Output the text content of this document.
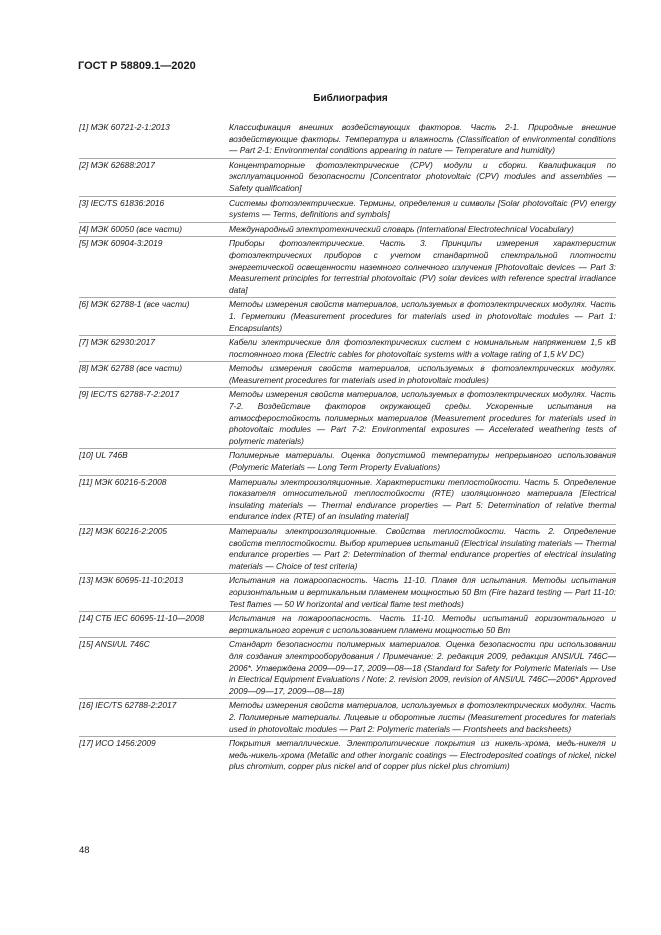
ГОСТ Р 58809.1—2020
Библиография
[1] МЭК 60721-2-1:2013	Классификация внешних воздействующих факторов. Часть 2-1. Природные внешние воздействующие факторы. Температура и влажность (Classification of environmental conditions — Part 2-1: Environmental conditions appearing in nature — Temperature and humidity)
[2] МЭК 62688:2017	Концентраторные фотоэлектрические (CPV) модули и сборки. Квалификация по эксплуатационной безопасности [Concentrator photovoltaic (CPV) modules and assemblies — Safety qualification]
[3] IEC/TS 61836:2016	Системы фотоэлектрические. Термины, определения и символы [Solar photovoltaic (PV) energy systems — Terms, definitions and symbols]
[4] МЭК 60050 (все части)	Международный электротехнический словарь (International Electrotechnical Vocabulary)
[5] МЭК 60904-3:2019	Приборы фотоэлектрические. Часть 3. Принципы измерения характеристик фотоэлектрических приборов с учетом стандартной спектральной плотности энергетической освещенности наземного солнечного излучения [Photovoltaic devices — Part 3: Measurement principles for terrestrial photovoltaic (PV) solar devices with reference spectral irradiance data]
[6] МЭК 62788-1 (все части)	Методы измерения свойств материалов, используемых в фотоэлектрических модулях. Часть 1. Герметики (Measurement procedures for materials used in photovoltaic modules — Part 1: Encapsulants)
[7] МЭК 62930:2017	Кабели электрические для фотоэлектрических систем с номинальным напряжением 1,5 кВ постоянного тока (Electric cables for photovoltaic systems with a voltage rating of 1,5 kV DC)
[8] МЭК 62788 (все части)	Методы измерения свойств материалов, используемых в фотоэлектрических модулях. (Measurement procedures for materials used in photovoltaic modules)
[9] IEC/TS 62788-7-2:2017	Методы измерения свойств материалов, используемых в фотоэлектрических модулях. Часть 7-2. Воздействие факторов окружающей среды. Ускоренные испытания на атмосферостойкость полимерных материалов (Measurement procedures for materials used in photovoltaic modules — Part 7-2: Environmental exposures — Accelerated weathering tests of polymeric materials)
[10] UL 746B	Полимерные материалы. Оценка допустимой температуры непрерывного использования (Polymeric Materials — Long Term Property Evaluations)
[11] МЭК 60216-5:2008	Материалы электроизоляционные. Характеристики теплостойкости. Часть 5. Определение показателя относительной теплостойкости (RTE) изоляционного материала [Electrical insulating materials — Thermal endurance properties — Part 5: Determination of relative thermal endurance index (RTE) of an insulating material]
[12] МЭК 60216-2:2005	Материалы электроизоляционные. Свойства теплостойкости. Часть 2. Определение свойств теплостойкости. Выбор критериев испытаний (Electrical insulating materials — Thermal endurance properties — Part 2: Determination of thermal endurance properties of electrical insulating materials — Choice of test criteria)
[13] МЭК 60695-11-10:2013	Испытания на пожароопасность. Часть 11-10. Пламя для испытания. Методы испытания горизонтальным и вертикальным пламенем мощностью 50 Вт (Fire hazard testing — Part 11-10: Test flames — 50 W horizontal and vertical flame test methods)
[14] СТБ IEC 60695-11-10—2008	Испытания на пожароопасность. Часть 11-10. Методы испытаний горизонтального и вертикального горения с использованием пламени мощностью 50 Вт
[15] ANSI/UL 746C	Стандарт безопасности полимерных материалов. Оценка безопасности при использовании для создания электрооборудования / Примечание: 2. редакция 2009, редакция ANSI/UL 746C—2006*. Утверждена 2009—09—17, 2009—08—18 (Standard for Safety for Polymeric Materials — Use in Electrical Equipment Evaluations / Note: 2. revision 2009, revision of ANSI/UL 746C—2006* Approved 2009—09—17, 2009—08—18)
[16] IEC/TS 62788-2:2017	Методы измерения свойств материалов, используемых в фотоэлектрических модулях. Часть 2. Полимерные материалы. Лицевые и оборотные листы (Measurement procedures for materials used in photovoltaic modules — Part 2: Polymeric materials — Frontsheets and backsheets)
[17] ИСО 1456:2009	Покрытия металлические. Электролитические покрытия из никель-хрома, медь-никеля и медь-никель-хрома (Metallic and other inorganic coatings — Electrodeposited coatings of nickel, nickel plus chromium, copper plus nickel and of copper plus nickel plus chromium)
48
